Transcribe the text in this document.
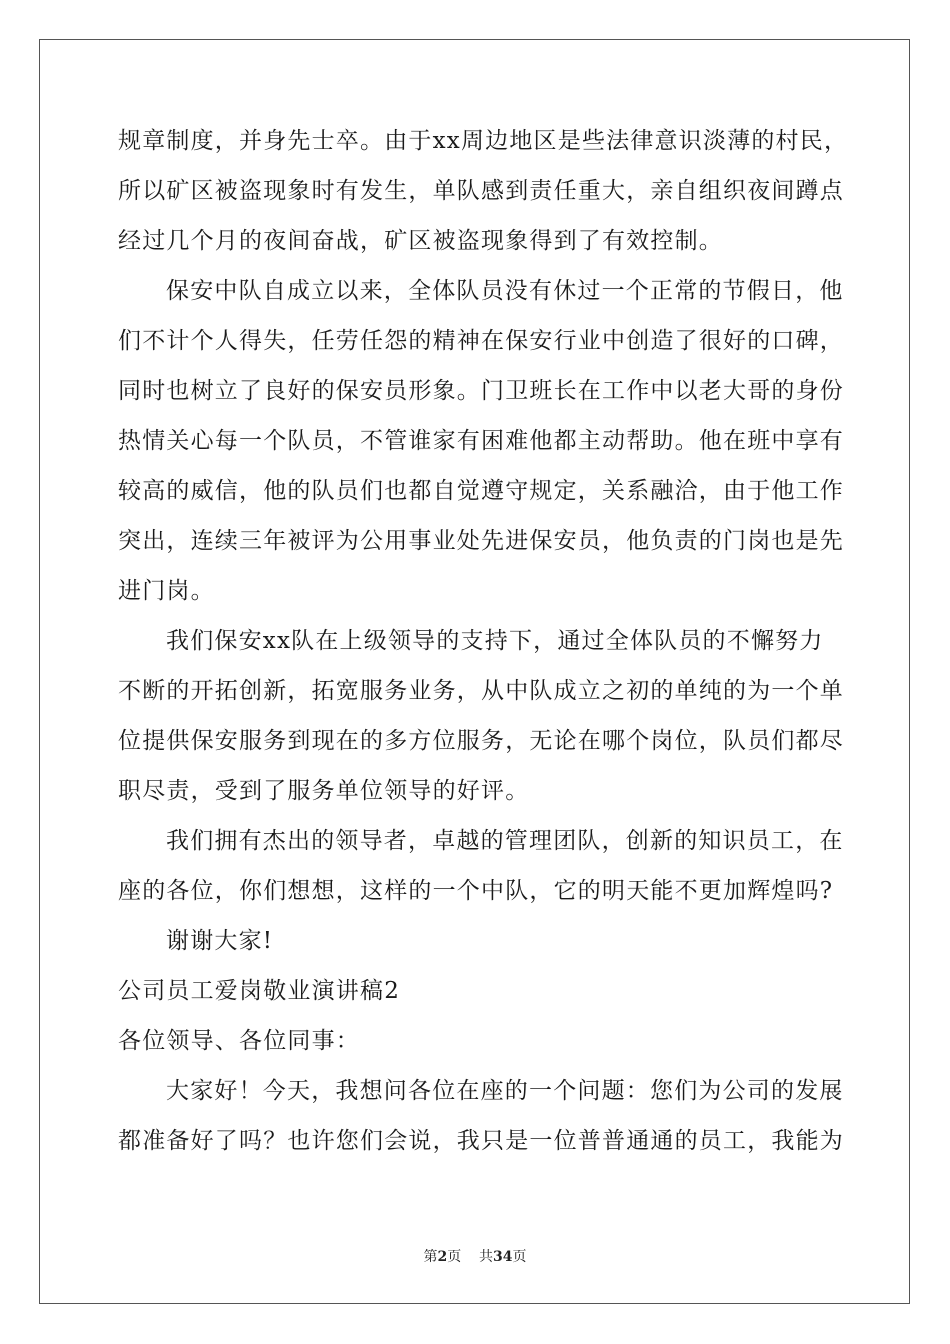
规章制度，并身先士卒。由于xx周边地区是些法律意识淡薄的村民，
所以矿区被盗现象时有发生，单队感到责任重大，亲自组织夜间蹲点
经过几个月的夜间奋战，矿区被盗现象得到了有效控制。
保安中队自成立以来，全体队员没有休过一个正常的节假日，他
们不计个人得失，任劳任怨的精神在保安行业中创造了很好的口碑，
同时也树立了良好的保安员形象。门卫班长在工作中以老大哥的身份
热情关心每一个队员，不管谁家有困难他都主动帮助。他在班中享有
较高的威信，他的队员们也都自觉遵守规定，关系融洽，由于他工作
突出，连续三年被评为公用事业处先进保安员，他负责的门岗也是先
进门岗。
我们保安xx队在上级领导的支持下，通过全体队员的不懈努力
不断的开拓创新，拓宽服务业务，从中队成立之初的单纯的为一个单
位提供保安服务到现在的多方位服务，无论在哪个岗位，队员们都尽
职尽责，受到了服务单位领导的好评。
我们拥有杰出的领导者，卓越的管理团队，创新的知识员工，在
座的各位，你们想想，这样的一个中队，它的明天能不更加辉煌吗?
谢谢大家!
公司员工爱岗敬业演讲稿2
各位领导、各位同事：
大家好！今天，我想问各位在座的一个问题：您们为公司的发展
都准备好了吗？也许您们会说，我只是一位普普通通的员工，我能为
第2页 共34页
